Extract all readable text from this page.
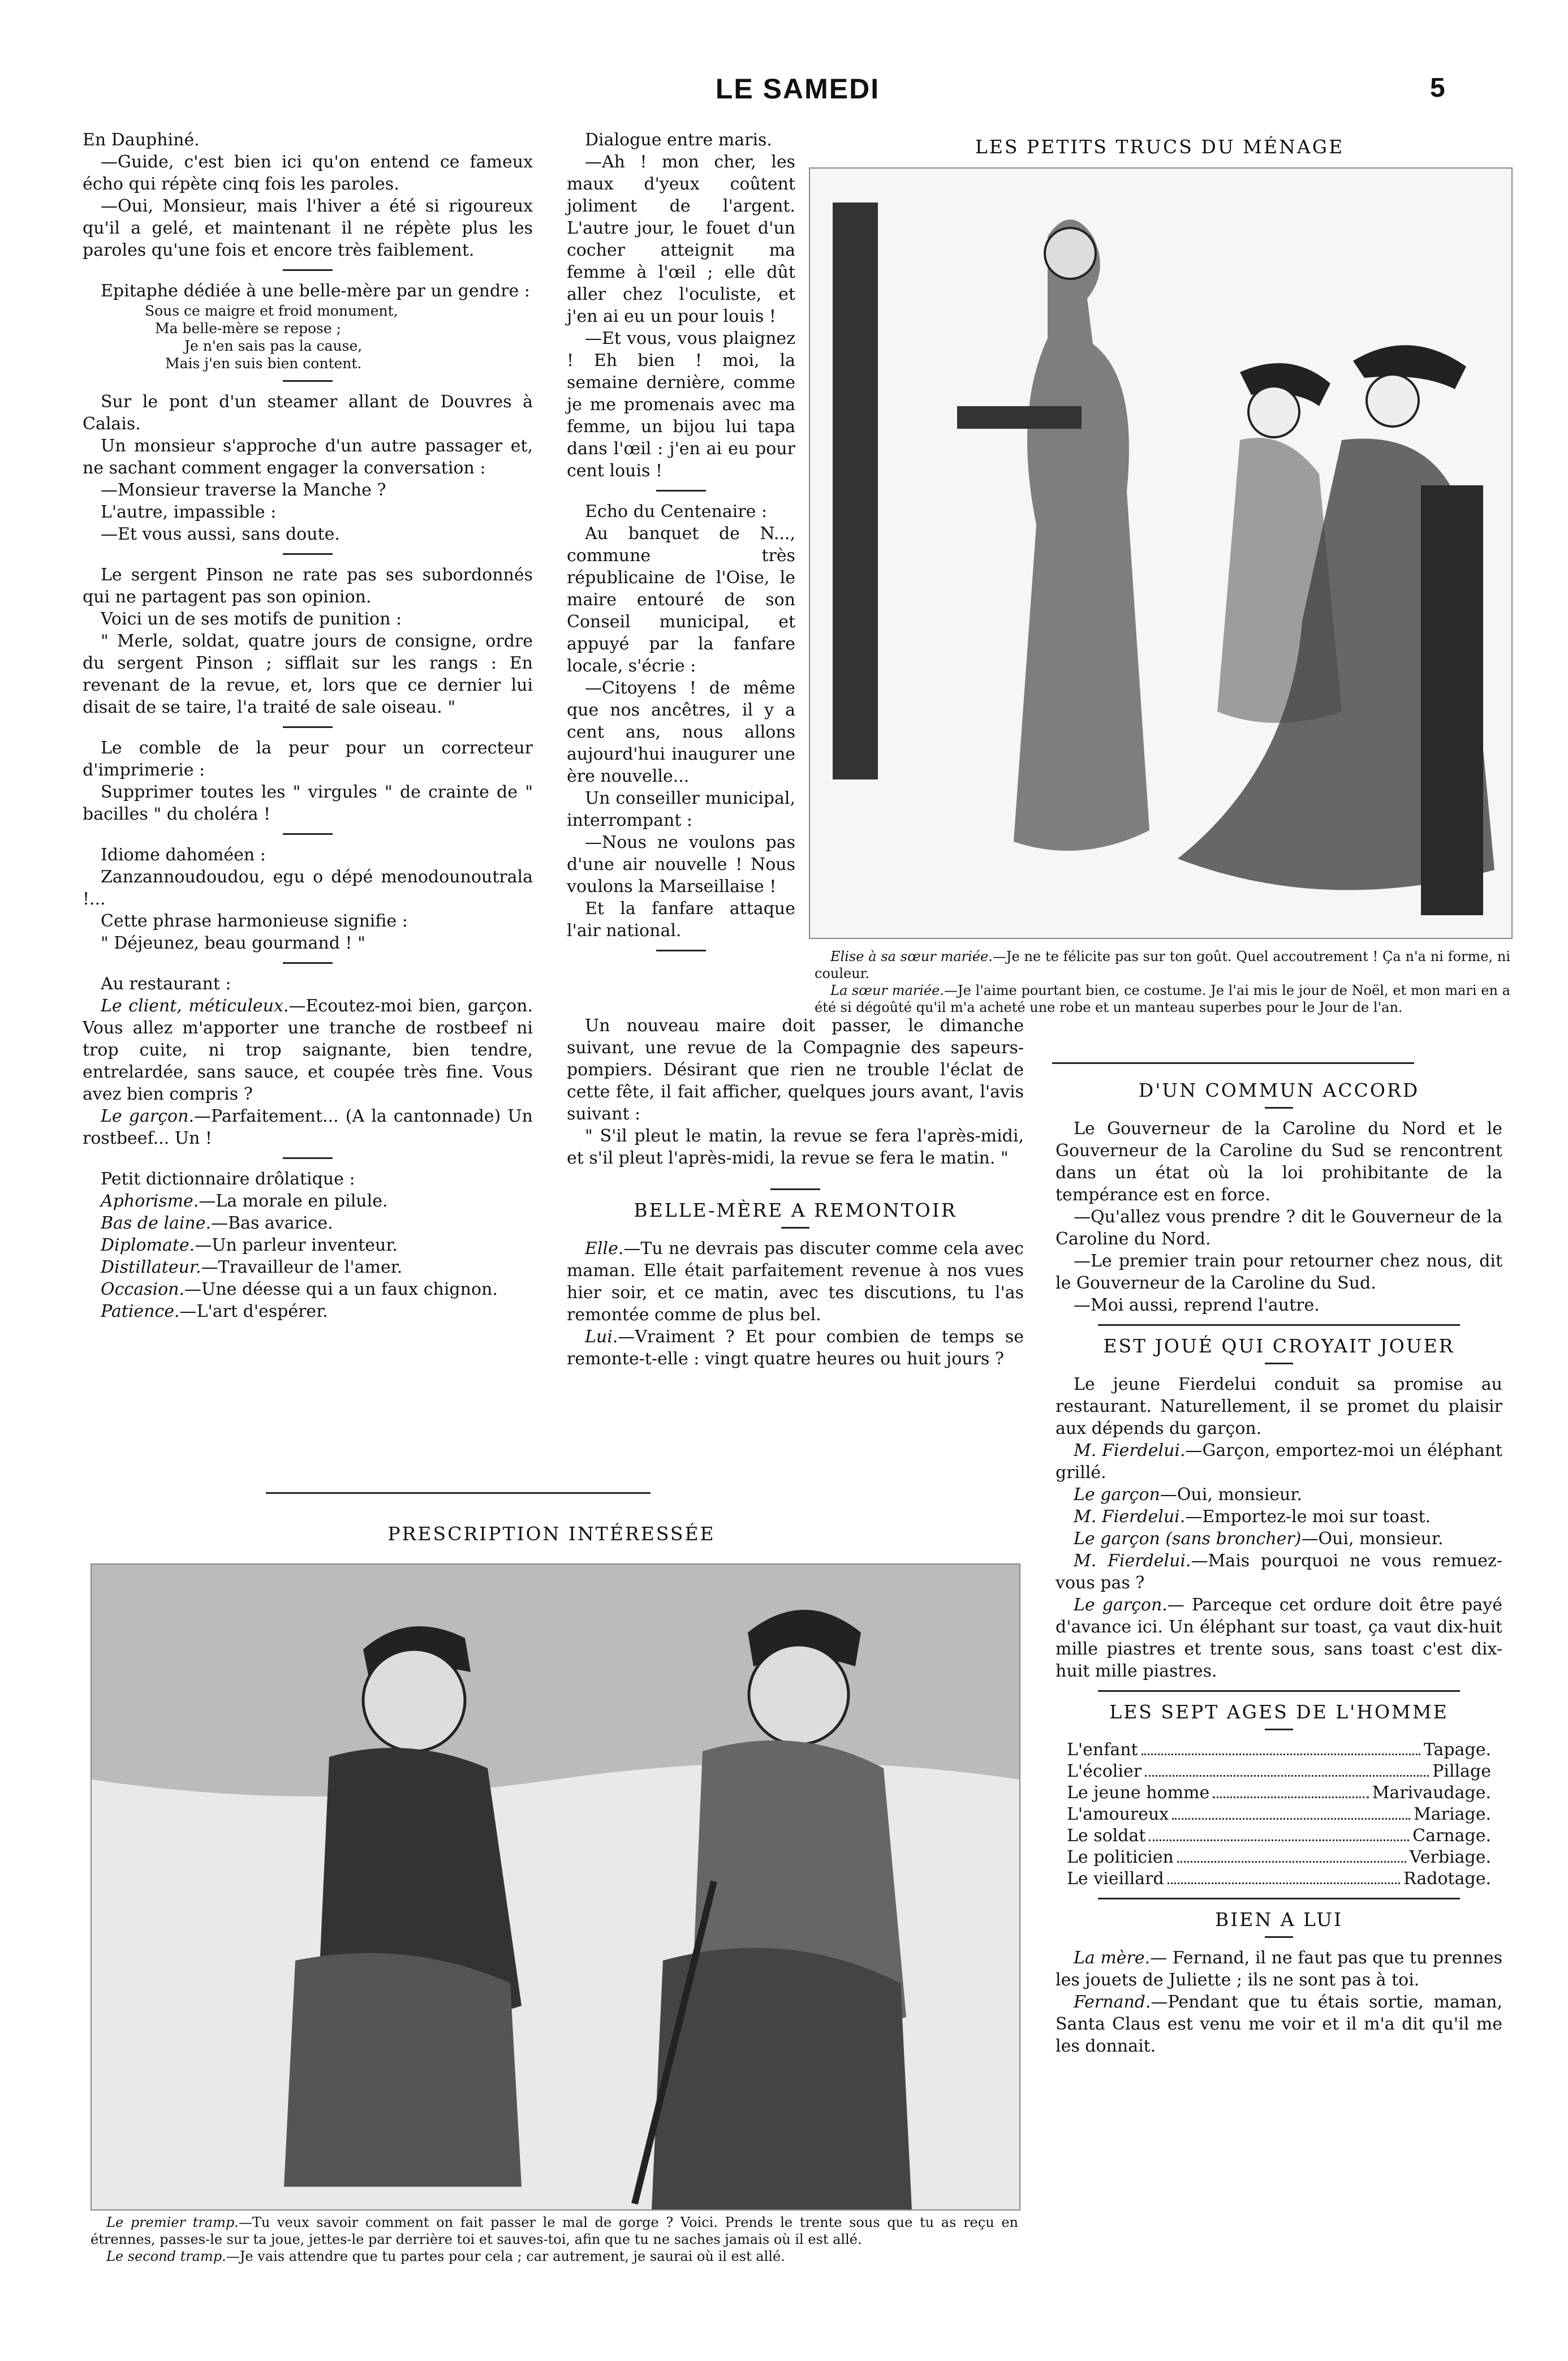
LE SAMEDI	5

En Dauphiné.

—Guide, c'est bien ici qu'on entend ce fameux écho qui répète cinq fois les paroles.

—Oui, Monsieur, mais l'hiver a été si rigoureux qu'il a gelé, et maintenant il ne répète plus les paroles qu'une fois et encore très faiblement.

Epitaphe dédiée à une belle-mère par un gendre :

Sous ce maigre et froid monument,
Ma belle-mère se repose ;
Je n'en sais pas la cause,
Mais j'en suis bien content.

Sur le pont d'un steamer allant de Douvres à Calais.

Un monsieur s'approche d'un autre passager et, ne sachant comment engager la conversation :

—Monsieur traverse la Manche ?

L'autre, impassible :

—Et vous aussi, sans doute.

Le sergent Pinson ne rate pas ses subordonnés qui ne partagent pas son opinion.

Voici un de ses motifs de punition :

" Merle, soldat, quatre jours de consigne, ordre du sergent Pinson ; sifflait sur les rangs : En revenant de la revue, et, lors que ce dernier lui disait de se taire, l'a traité de sale oiseau. "

Le comble de la peur pour un correcteur d'imprimerie :

Supprimer toutes les " virgules " de crainte de " bacilles " du choléra !

Idiome dahoméen :

Zanzannoudoudou, egu o dépé menodounoutrala !...

Cette phrase harmonieuse signifie :

" Déjeunez, beau gourmand ! "

Au restaurant :

Le client, méticuleux.—Ecoutez-moi bien, garçon. Vous allez m'apporter une tranche de rostbeef ni trop cuite, ni trop saignante, bien tendre, entrelardée, sans sauce, et coupée très fine. Vous avez bien compris ?

Le garçon.—Parfaitement... (A la cantonnade) Un rostbeef... Un !

Petit dictionnaire drôlatique :

Aphorisme.—La morale en pilule.

Bas de laine.—Bas avarice.

Diplomate.—Un parleur inventeur.

Distillateur.—Travailleur de l'amer.

Occasion.—Une déesse qui a un faux chignon.

Patience.—L'art d'espérer.

Dialogue entre maris.

—Ah ! mon cher, les maux d'yeux coûtent joliment de l'argent. L'autre jour, le fouet d'un cocher atteignit ma femme à l'œil ; elle dût aller chez l'oculiste, et j'en ai eu un pour louis !

—Et vous, vous plaignez ! Eh bien ! moi, la semaine dernière, comme je me promenais avec ma femme, un bijou lui tapa dans l'œil : j'en ai eu pour cent louis !

Echo du Centenaire :

Au banquet de N..., commune très républicaine de l'Oise, le maire entouré de son Conseil municipal, et appuyé par la fanfare locale, s'écrie :

—Citoyens ! de même que nos ancêtres, il y a cent ans, nous allons aujourd'hui inaugurer une ère nouvelle...

Un conseiller municipal, interrompant :

—Nous ne voulons pas d'une air nouvelle ! Nous voulons la Marseillaise !

Et la fanfare attaque l'air national.

Un nouveau maire doit passer, le dimanche suivant, une revue de la Compagnie des sapeurs-pompiers. Désirant que rien ne trouble l'éclat de cette fête, il fait afficher, quelques jours avant, l'avis suivant :

" S'il pleut le matin, la revue se fera l'après-midi, et s'il pleut l'après-midi, la revue se fera le matin. "

BELLE-MÈRE A REMONTOIR

Elle.—Tu ne devrais pas discuter comme cela avec maman. Elle était parfaitement revenue à nos vues hier soir, et ce matin, avec tes discutions, tu l'as remontée comme de plus bel.

Lui.—Vraiment ? Et pour combien de temps se remonte-t-elle : vingt quatre heures ou huit jours ?

LES PETITS TRUCS DU MÉNAGE

Elise à sa sœur mariée.—Je ne te félicite pas sur ton goût. Quel accoutrement ! Ça n'a ni forme, ni couleur.

La sœur mariée.—Je l'aime pourtant bien, ce costume. Je l'ai mis le jour de Noël, et mon mari en a été si dégoûté qu'il m'a acheté une robe et un manteau superbes pour le Jour de l'an.

D'UN COMMUN ACCORD

Le Gouverneur de la Caroline du Nord et le Gouverneur de la Caroline du Sud se rencontrent dans un état où la loi prohibitante de la tempérance est en force.

—Qu'allez vous prendre ? dit le Gouverneur de la Caroline du Nord.

—Le premier train pour retourner chez nous, dit le Gouverneur de la Caroline du Sud.

—Moi aussi, reprend l'autre.

EST JOUÉ QUI CROYAIT JOUER

Le jeune Fierdelui conduit sa promise au restaurant. Naturellement, il se promet du plaisir aux dépends du garçon.

M. Fierdelui.—Garçon, emportez-moi un éléphant grillé.

Le garçon—Oui, monsieur.

M. Fierdelui.—Emportez-le moi sur toast.

Le garçon (sans broncher)—Oui, monsieur.

M. Fierdelui.—Mais pourquoi ne vous remuez-vous pas ?

Le garçon.— Parceque cet ordure doit être payé d'avance ici. Un éléphant sur toast, ça vaut dix-huit mille piastres et trente sous, sans toast c'est dix-huit mille piastres.

LES SEPT AGES DE L'HOMME
L'enfant	Tapage.
L'écolier	Pillage
Le jeune homme	Marivaudage.
L'amoureux	Mariage.
Le soldat	Carnage.
Le politicien	Verbiage.
Le vieillard	Radotage.
BIEN A LUI

La mère.— Fernand, il ne faut pas que tu prennes les jouets de Juliette ; ils ne sont pas à toi.

Fernand.—Pendant que tu étais sortie, maman, Santa Claus est venu me voir et il m'a dit qu'il me les donnait.

PRESCRIPTION INTÉRESSÉE

Le premier tramp.—Tu veux savoir comment on fait passer le mal de gorge ? Voici. Prends le trente sous que tu as reçu en étrennes, passes-le sur ta joue, jettes-le par derrière toi et sauves-toi, afin que tu ne saches jamais où il est allé.

Le second tramp.—Je vais attendre que tu partes pour cela ; car autrement, je saurai où il est allé.
